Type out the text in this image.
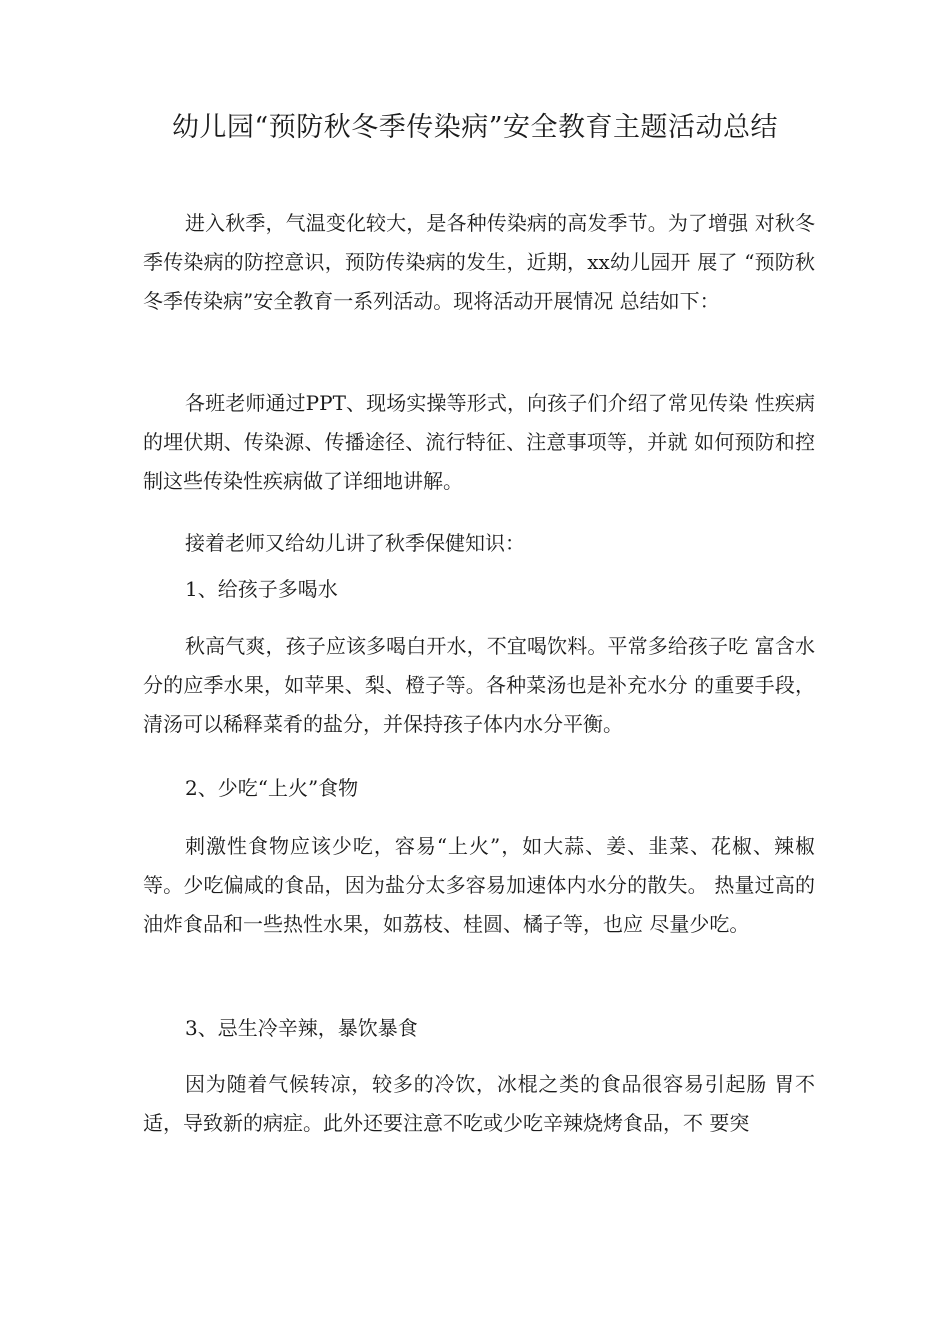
幼儿园“预防秋冬季传染病”安全教育主题活动总结

进入秋季，气温变化较大，是各种传染病的高发季节。为了增强 对秋冬季传染病的防控意识，预防传染病的发生，近期，xx幼儿园开 展了 “预防秋冬季传染病”安全教育一系列活动。现将活动开展情况 总结如下：

各班老师通过PPT、现场实操等形式，向孩子们介绍了常见传染 性疾病的埋伏期、传染源、传播途径、流行特征、注意事项等，并就 如何预防和控制这些传染性疾病做了详细地讲解。

接着老师又给幼儿讲了秋季保健知识：

1、给孩子多喝水

秋高气爽，孩子应该多喝白开水，不宜喝饮料。平常多给孩子吃 富含水分的应季水果，如苹果、梨、橙子等。各种菜汤也是补充水分 的重要手段，清汤可以稀释菜肴的盐分，并保持孩子体内水分平衡。

2、少吃“上火”食物

刺激性食物应该少吃，容易“上火”，如大蒜、姜、韭菜、花椒、辣椒等。少吃偏咸的食品，因为盐分太多容易加速体内水分的散失。 热量过高的油炸食品和一些热性水果，如荔枝、桂圆、橘子等，也应 尽量少吃。

3、忌生冷辛辣，暴饮暴食

因为随着气候转凉，较多的冷饮，冰棍之类的食品很容易引起肠 胃不适，导致新的病症。此外还要注意不吃或少吃辛辣烧烤食品，不 要突
